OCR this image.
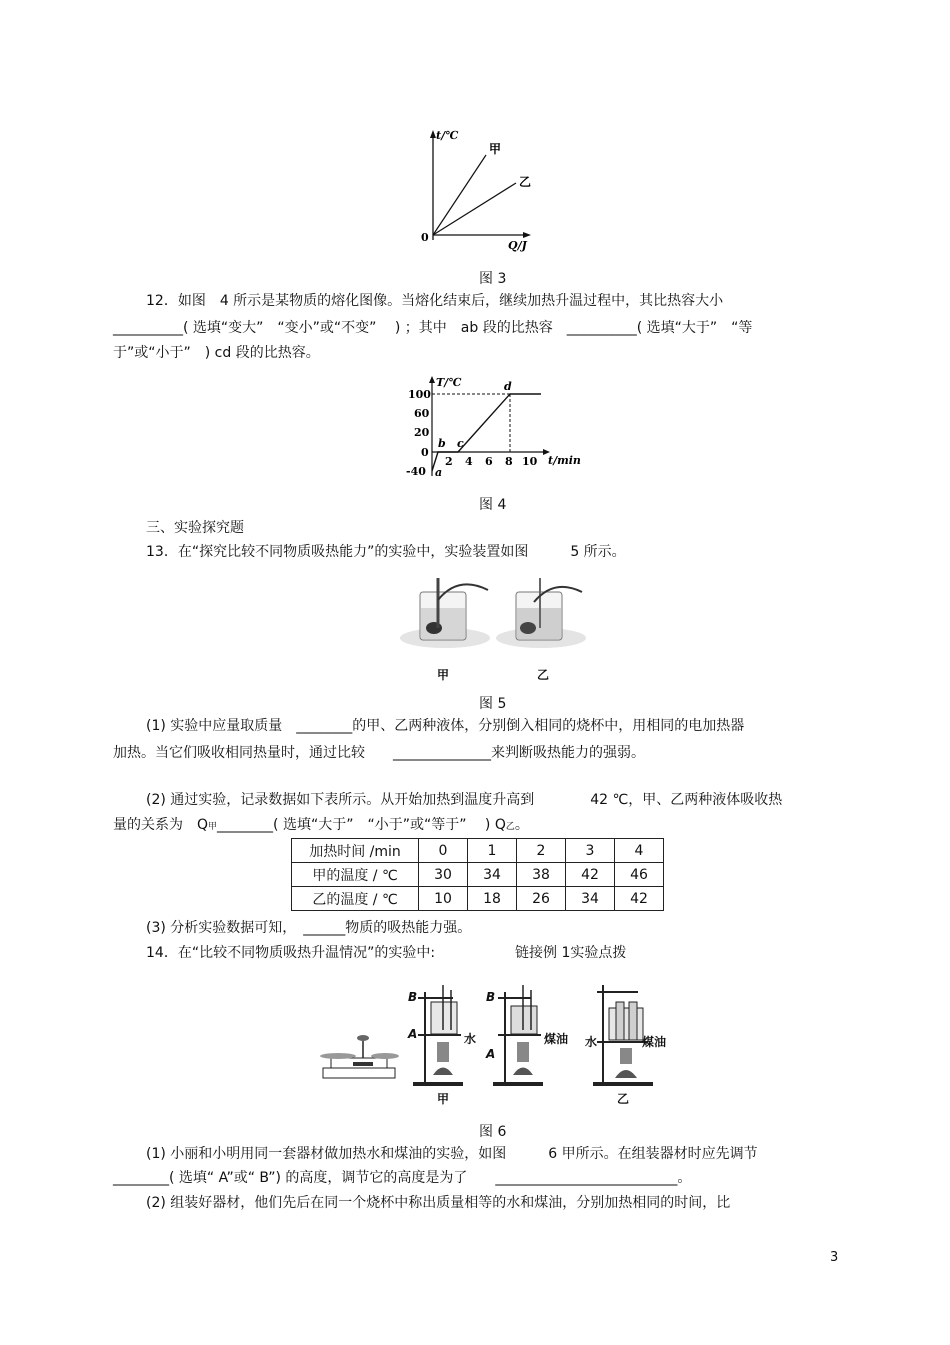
t/℃
Q/J
0
甲
乙
图 3
12．如图　4 所示是某物质的熔化图像。当熔化结束后，继续加热升温过程中，其比热容大小
__________( 选填“变大”　“变小”或“不变”　 ) ；其中　ab 段的比热容　__________( 选填“大于”　“等
于”或“小于”　) cd 段的比热容。
T/℃
t/min
100
60
20
0
-40
2 4 6 8 10
a
b c
d
图 4
三、实验探究题
13．在“探究比较不同物质吸热能力”的实验中，实验装置如图　　　5 所示。
甲	乙
图 5
(1) 实验中应量取质量　________的甲、乙两种液体，分别倒入相同的烧杯中，用相同的电加热器
加热。当它们吸收相同热量时，通过比较　　______________来判断吸热能力的强弱。
(2) 通过实验，记录数据如下表所示。从开始加热到温度升高到　　　　42 ℃，甲、乙两种液体吸收热
量的关系为　Q甲________( 选填“大于”　“小于”或“等于”　 ) Q乙。
加热时间 /min	0	1	2	3	4
甲的温度 / ℃	30	34	38	42	46
乙的温度 / ℃	10	18	26	34	42
(3) 分析实验数据可知，　______物质的吸热能力强。
14．在“比较不同物质吸热升温情况”的实验中:	链接例 1实验点拨
B
A	水
B
A
煤油 水	煤油
甲	乙
图 6
(1) 小丽和小明用同一套器材做加热水和煤油的实验，如图　　　6 甲所示。在组装器材时应先调节
________( 选填“ A”或“ B”) 的高度，调节它的高度是为了　　__________________________。
(2) 组装好器材，他们先后在同一个烧杯中称出质量相等的水和煤油，分别加热相同的时间，比
3
